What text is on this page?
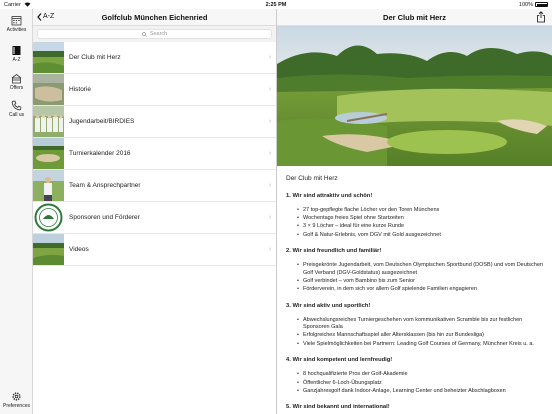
Carrier	2:25 PM	100%
Activities
A-Z
Offers
Call us
Preferences
A-Z	Golfclub München Eichenried	Der Club mit Herz
Search
Der Club mit Herz	›
Historie	›
Jugendarbeit/BIRDIES	›
Turnierkalender 2016	›
Team & Ansprechpartner	›
Sponsoren und Förderer	›
Videos	›
Der Club mit Herz
1. Wir sind attraktiv und schön!
• 27 top-gepflegte flache Löcher vor den Toren Münchens
• Wochentags freies Spiel ohne Startzeiten
• 3 × 9 Löcher – ideal für eine kurze Runde
• Golf & Natur-Erlebnis, vom DGV mit Gold ausgezeichnet
2. Wir sind freundlich und familiär!
• Preisgekrönte Jugendarbeit, vom Deutschen Olympischen Sportbund (DOSB) und vom Deutschen Golf Verband (DGV-Goldstatus) ausgezeichnet
• Golf verbindet – vom Bambino bis zum Senior
• Förderverein, in dem sich vor allem Golf spielende Familien engagieren
3. Wir sind aktiv und sportlich!
• Abwechslungsreiches Turniergeschehen vom kommunikativen Scramble bis zur festlichen Sponsoren Gala
• Erfolgreiches Mannschaftsspiel aller Altersklassen (bis hin zur Bundesliga)
• Viele Spielmöglichkeiten bei Partnern: Leading Golf Courses of Germany, Münchner Kreis u. a.
4. Wir sind kompetent und lernfreudig!
• 8 hochqualifizierte Pros der Golf-Akademie
• Öffentlicher 6-Loch-Übungsplatz
• Ganzjahresgolf dank Indoor-Anlage, Learning Center und beheizter Abschlagboxen
5. Wir sind bekannt und international!
